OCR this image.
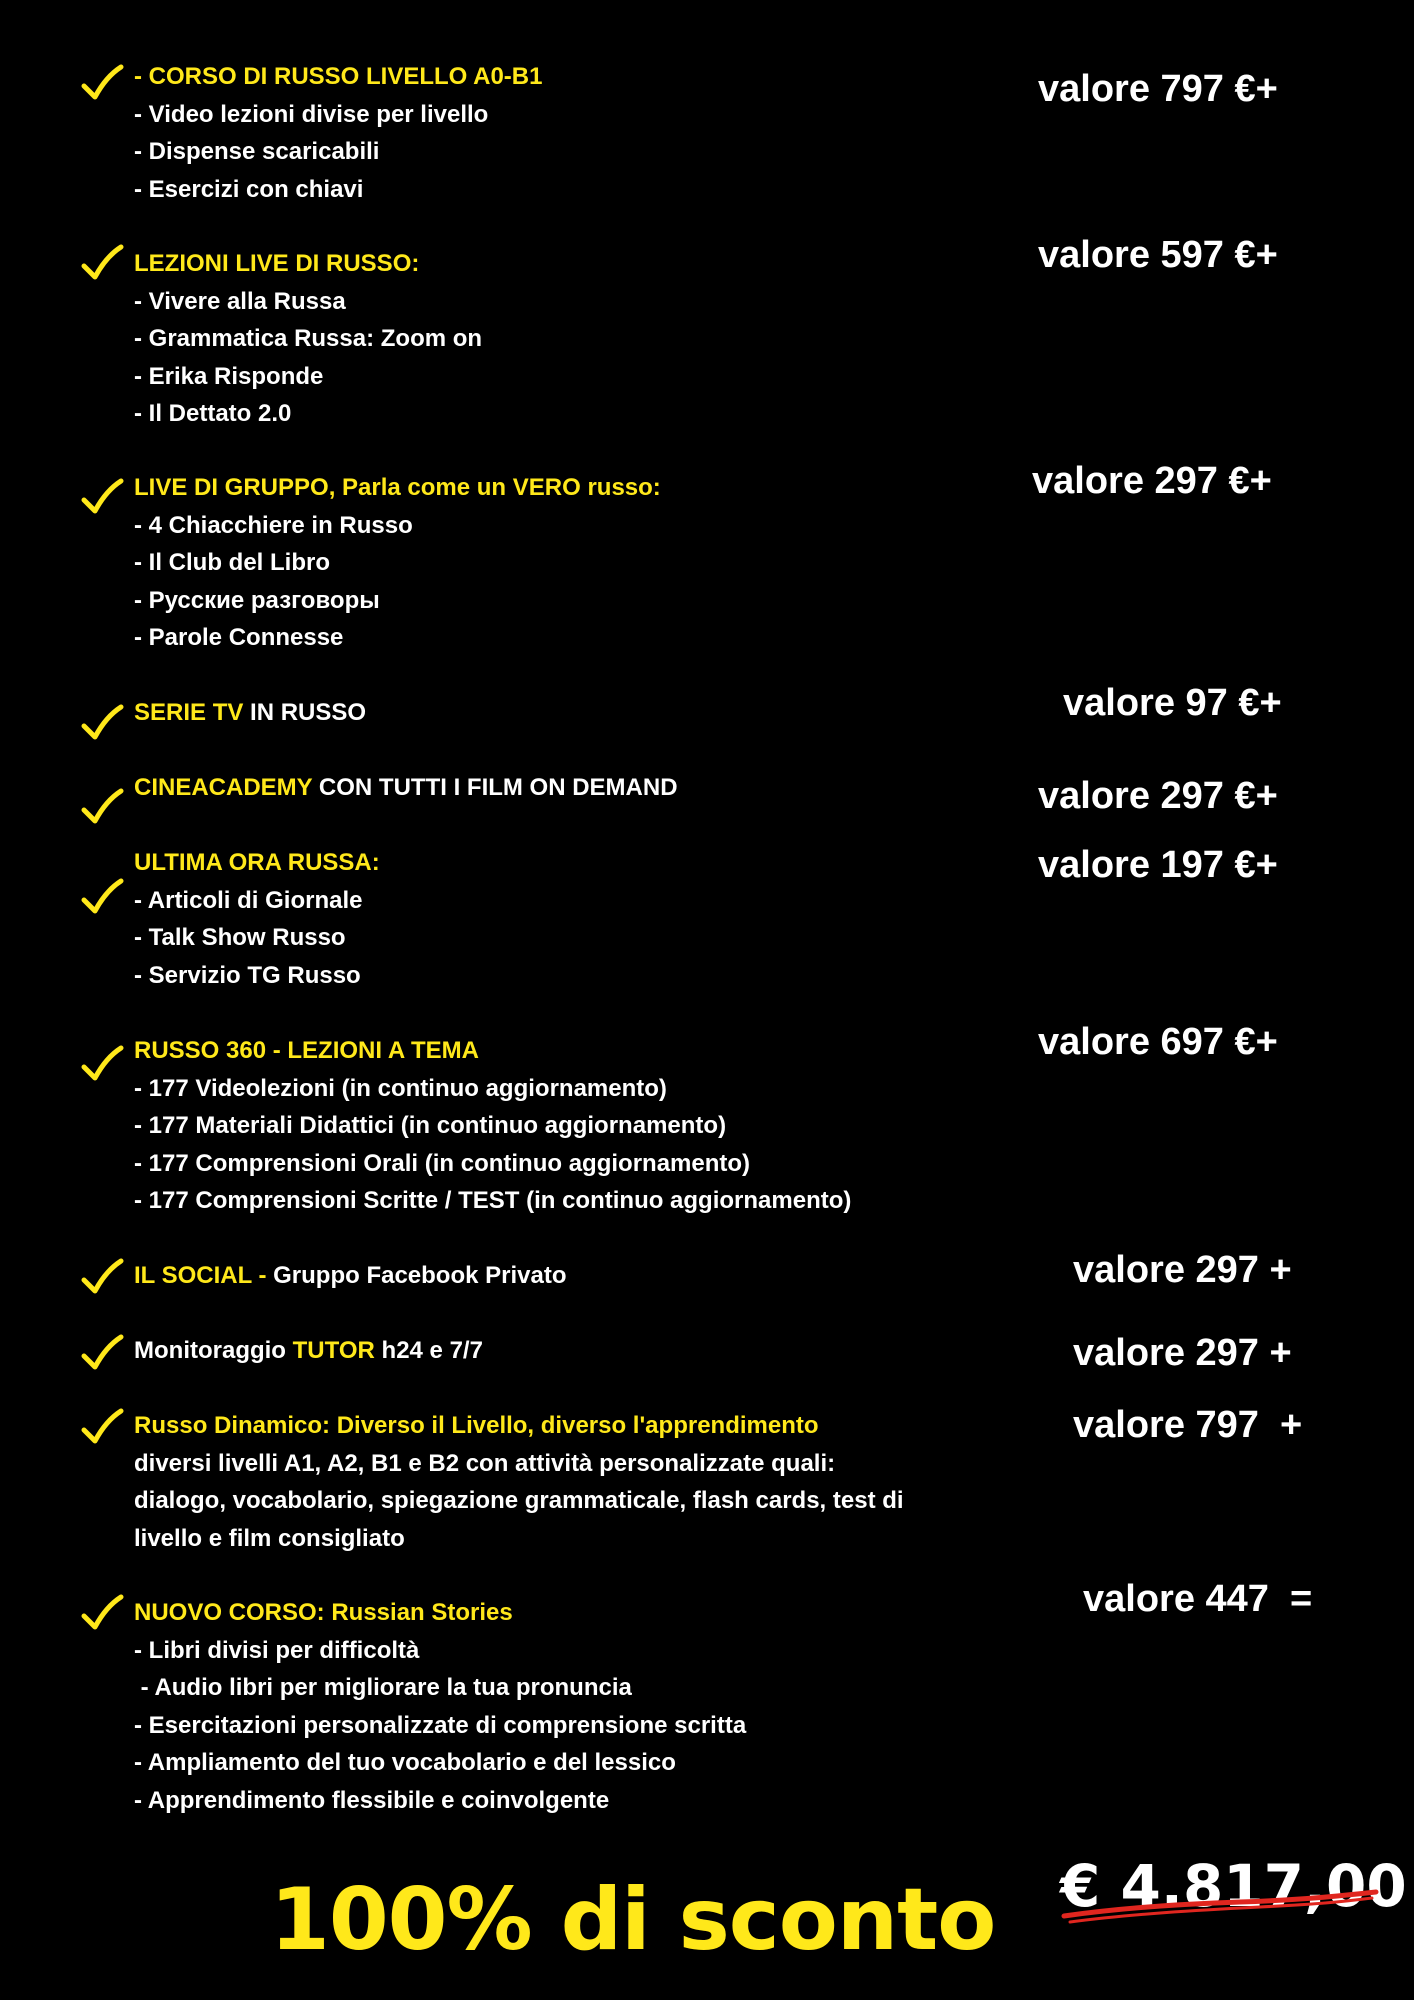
- CORSO DI RUSSO LIVELLO A0-B1
- Video lezioni divise per livello
- Dispense scaricabili
- Esercizi con chiavi
valore 797 €+
LEZIONI LIVE DI RUSSO:
- Vivere alla Russa
- Grammatica Russa: Zoom on
- Erika Risponde
- Il Dettato 2.0
valore 597 €+
LIVE DI GRUPPO, Parla come un VERO russo:
- 4 Chiacchiere in Russo
- Il Club del Libro
- Русские разговоры
- Parole Connesse
valore 297 €+
SERIE TV IN RUSSO	valore 97 €+
CINEACADEMY CON TUTTI I FILM ON DEMAND	valore 297 €+
ULTIMA ORA RUSSA:
- Articoli di Giornale
- Talk Show Russo
- Servizio TG Russo
valore 197 €+
RUSSO 360 - LEZIONI A TEMA
- 177 Videolezioni (in continuo aggiornamento)
- 177 Materiali Didattici (in continuo aggiornamento)
- 177 Comprensioni Orali (in continuo aggiornamento)
- 177 Comprensioni Scritte / TEST (in continuo aggiornamento)
valore 697 €+
IL SOCIAL - Gruppo Facebook Privato	valore 297 +
Monitoraggio TUTOR h24 e 7/7	valore 297 +
Russo Dinamico: Diverso il Livello, diverso l'apprendimento
diversi livelli A1, A2, B1 e B2 con attività personalizzate quali:
dialogo, vocabolario, spiegazione grammaticale, flash cards, test di
livello e film consigliato
valore 797  +
NUOVO CORSO: Russian Stories
- Libri divisi per difficoltà
- Audio libri per migliorare la tua pronuncia
- Esercitazioni personalizzate di comprensione scritta
- Ampliamento del tuo vocabolario e del lessico
- Apprendimento flessibile e coinvolgente
valore 447  =
100% di sconto € 4.817,00
